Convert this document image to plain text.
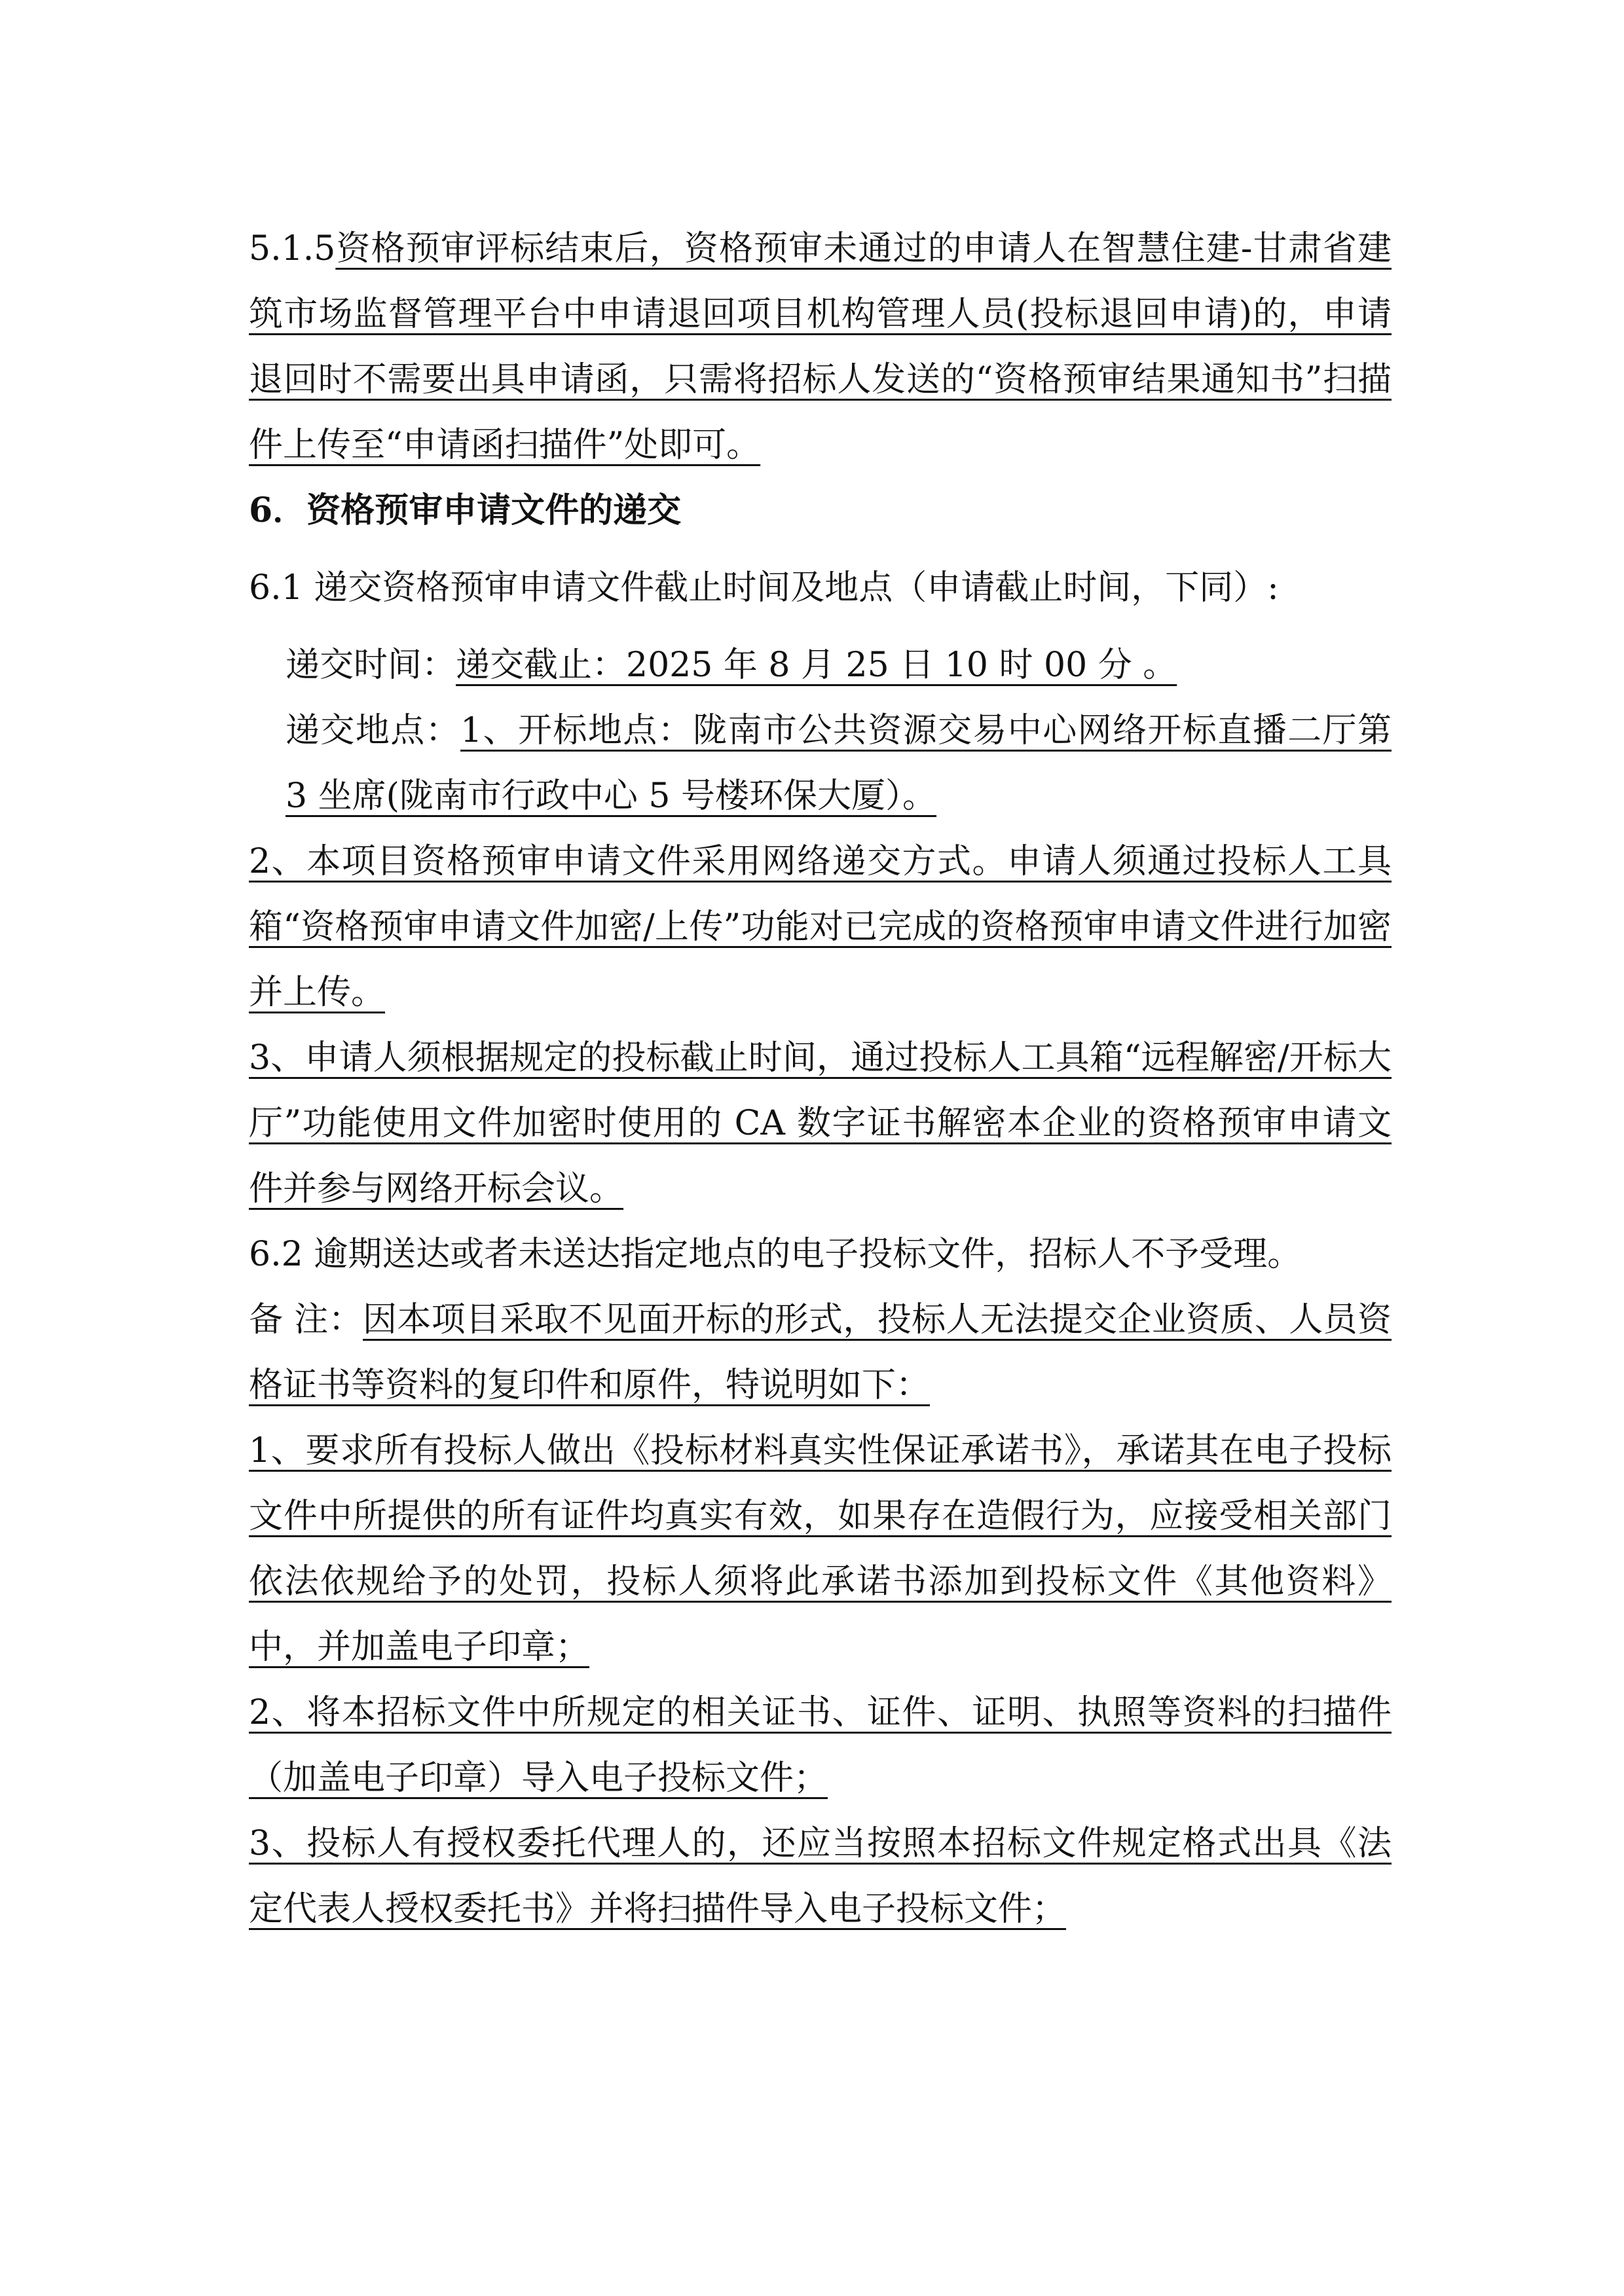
5.1.5资格预审评标结束后，资格预审未通过的申请人在智慧住建-甘肃省建筑市场监督管理平台中申请退回项目机构管理人员(投标退回申请)的，申请退回时不需要出具申请函，只需将招标人发送的“资格预审结果通知书”扫描件上传至“申请函扫描件”处即可。

6．资格预审申请文件的递交

6.1 递交资格预审申请文件截止时间及地点（申请截止时间，下同）:

递交时间：递交截止：2025 年 8 月 25 日 10 时 00 分 。

递交地点：1、开标地点：陇南市公共资源交易中心网络开标直播二厅第 3 坐席(陇南市行政中心 5 号楼环保大厦）。

2、本项目资格预审申请文件采用网络递交方式。申请人须通过投标人工具箱“资格预审申请文件加密/上传”功能对已完成的资格预审申请文件进行加密并上传。

3、申请人须根据规定的投标截止时间，通过投标人工具箱“远程解密/开标大厅”功能使用文件加密时使用的 CA 数字证书解密本企业的资格预审申请文件并参与网络开标会议。

6.2 逾期送达或者未送达指定地点的电子投标文件，招标人不予受理。

备 注：因本项目采取不见面开标的形式，投标人无法提交企业资质、人员资格证书等资料的复印件和原件，特说明如下：

1、要求所有投标人做出《投标材料真实性保证承诺书》，承诺其在电子投标文件中所提供的所有证件均真实有效，如果存在造假行为，应接受相关部门依法依规给予的处罚，投标人须将此承诺书添加到投标文件《其他资料》中，并加盖电子印章；

2、将本招标文件中所规定的相关证书、证件、证明、执照等资料的扫描件（加盖电子印章）导入电子投标文件；

3、投标人有授权委托代理人的，还应当按照本招标文件规定格式出具《法定代表人授权委托书》并将扫描件导入电子投标文件；
